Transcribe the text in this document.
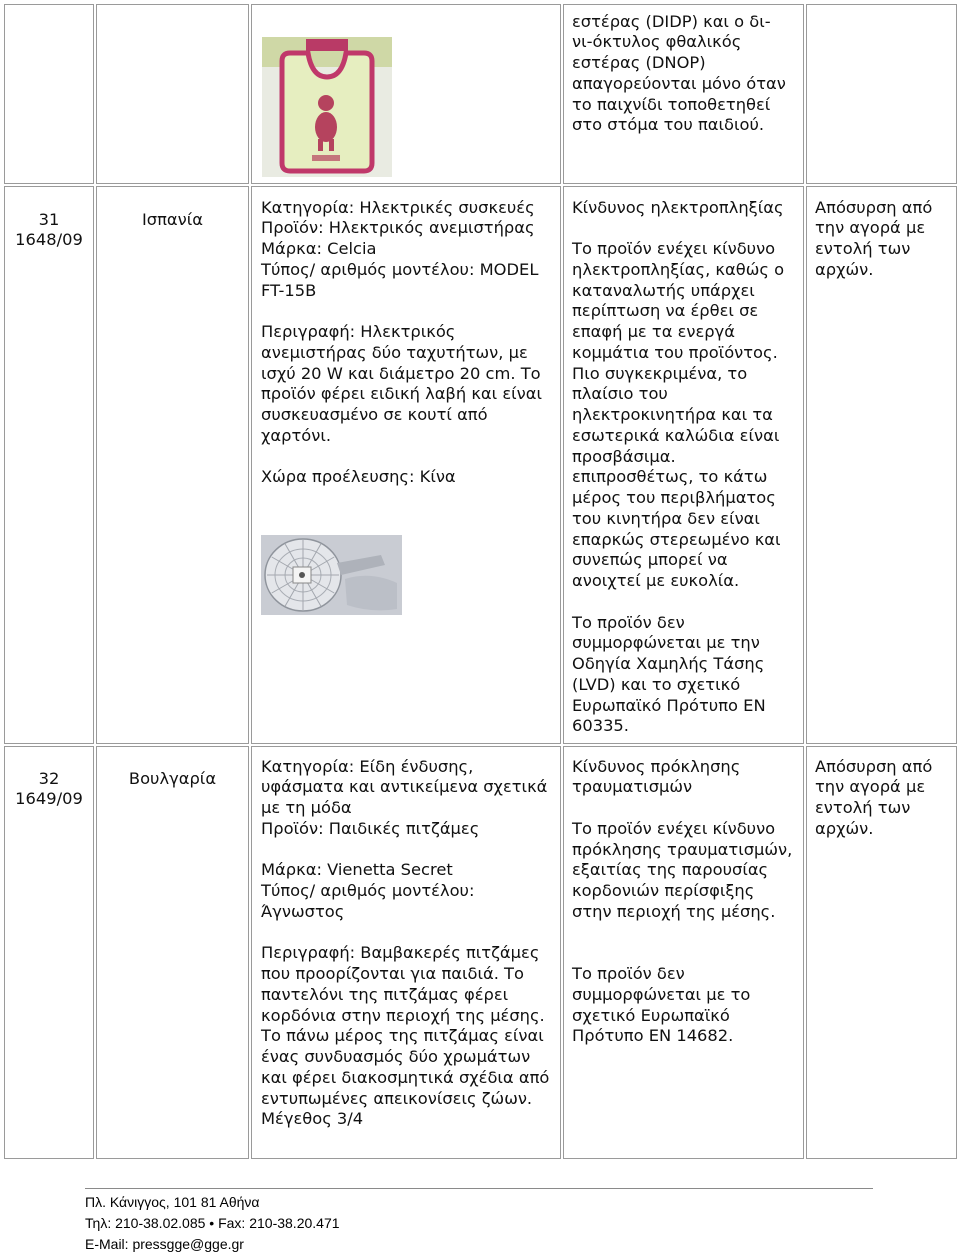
εστέρας (DIDP) και ο δι-
νι-όκτυλος φθαλικός
εστέρας (DNOP)
απαγορεύονται μόνο όταν
το παιχνίδι τοποθετηθεί
στο στόμα του παιδιού.
31
1648/09
Ισπανία
Κατηγορία: Ηλεκτρικές συσκευές
Προϊόν: Ηλεκτρικός ανεμιστήρας
Μάρκα: Celcia
Τύπος/ αριθμός μοντέλου: MODEL
FT-15B
Περιγραφή: Ηλεκτρικός
ανεμιστήρας δύο ταχυτήτων, με
ισχύ 20 W και διάμετρο 20 cm. Το
προϊόν φέρει ειδική λαβή και είναι
συσκευασμένο σε κουτί από
χαρτόνι.
Χώρα προέλευσης: Κίνα
Κίνδυνος ηλεκτροπληξίας
Το προϊόν ενέχει κίνδυνο
ηλεκτροπληξίας, καθώς ο
καταναλωτής υπάρχει
περίπτωση να έρθει σε
επαφή με τα ενεργά
κομμάτια του προϊόντος.
Πιο συγκεκριμένα, το
πλαίσιο του
ηλεκτροκινητήρα και τα
εσωτερικά καλώδια είναι
προσβάσιμα.
επιπροσθέτως, το κάτω
μέρος του περιβλήματος
του κινητήρα δεν είναι
επαρκώς στερεωμένο και
συνεπώς μπορεί να
ανοιχτεί με ευκολία.
Το προϊόν δεν
συμμορφώνεται με την
Οδηγία Χαμηλής Τάσης
(LVD) και το σχετικό
Ευρωπαϊκό Πρότυπο EN
60335.
Απόσυρση από
την αγορά με
εντολή των
αρχών.
32
1649/09
Βουλγαρία
Κατηγορία: Είδη ένδυσης,
υφάσματα και αντικείμενα σχετικά
με τη μόδα
Προϊόν: Παιδικές πιτζάμες
Μάρκα: Vienetta Secret
Τύπος/ αριθμός μοντέλου:
Άγνωστος
Περιγραφή: Βαμβακερές πιτζάμες
που προορίζονται για παιδιά. Το
παντελόνι της πιτζάμας φέρει
κορδόνια στην περιοχή της μέσης.
Το πάνω μέρος της πιτζάμας είναι
ένας συνδυασμός δύο χρωμάτων
και φέρει διακοσμητικά σχέδια από
εντυπωμένες απεικονίσεις ζώων.
Μέγεθος 3/4
Κίνδυνος πρόκλησης
τραυματισμών
Το προϊόν ενέχει κίνδυνο
πρόκλησης τραυματισμών,
εξαιτίας της παρουσίας
κορδονιών περίσφιξης
στην περιοχή της μέσης.
Το προϊόν δεν
συμμορφώνεται με το
σχετικό Ευρωπαϊκό
Πρότυπο EN 14682.
Απόσυρση από
την αγορά με
εντολή των
αρχών.
Πλ. Κάνιγγος, 101 81 Αθήνα
Τηλ: 210-38.02.085 • Fax: 210-38.20.471
E-Mail: pressgge@gge.gr
